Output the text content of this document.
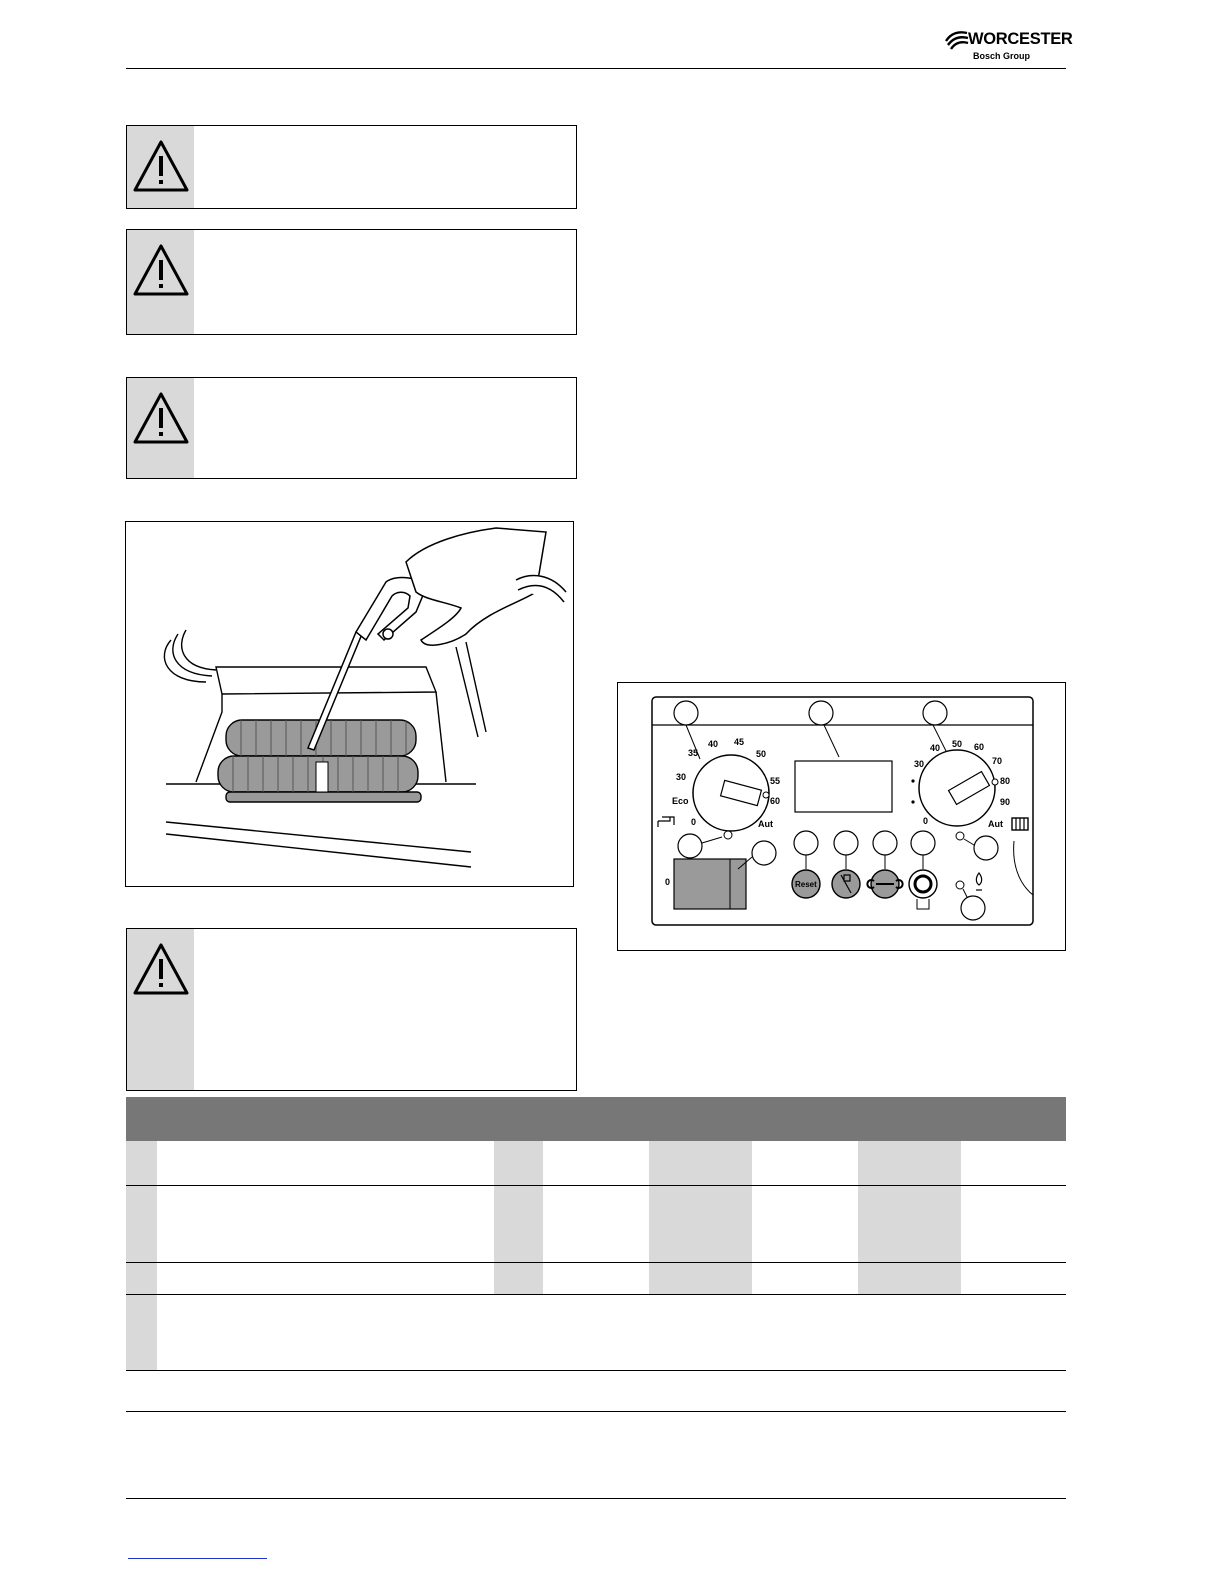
WORCESTER
Bosch Group
35
40 45
50
30	55
Eco	60
0	Aut
40 50 60
30	70
80
90
0	Aut
0	Reset
